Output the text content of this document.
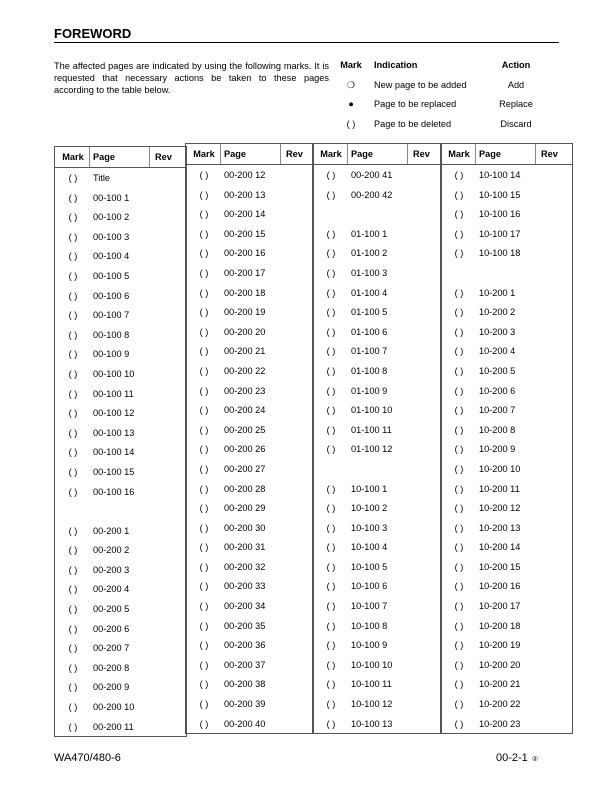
FOREWORD
The affected pages are indicated by using the following marks. It is requested that necessary actions be taken to these pages according to the table below.
Mark	Indication	Action
❍	New page to be added	Add
●	Page to be replaced	Replace
( )	Page to be deleted	Discard
Mark Page	Rev
( )	Title
( )	00-100 1
( )	00-100 2
( )	00-100 3
( )	00-100 4
( )	00-100 5
( )	00-100 6
( )	00-100 7
( )	00-100 8
( )	00-100 9
( )	00-100 10
( )	00-100 11
( )	00-100 12
( )	00-100 13
( )	00-100 14
( )	00-100 15
( )	00-100 16
( )	00-200 1
( )	00-200 2
( )	00-200 3
( )	00-200 4
( )	00-200 5
( )	00-200 6
( )	00-200 7
( )	00-200 8
( )	00-200 9
( )	00-200 10
( )	00-200 11
Mark Page	Rev
( )	00-200 12
( )	00-200 13
( )	00-200 14
( )	00-200 15
( )	00-200 16
( )	00-200 17
( )	00-200 18
( )	00-200 19
( )	00-200 20
( )	00-200 21
( )	00-200 22
( )	00-200 23
( )	00-200 24
( )	00-200 25
( )	00-200 26
( )	00-200 27
( )	00-200 28
( )	00-200 29
( )	00-200 30
( )	00-200 31
( )	00-200 32
( )	00-200 33
( )	00-200 34
( )	00-200 35
( )	00-200 36
( )	00-200 37
( )	00-200 38
( )	00-200 39
( )	00-200 40
Mark Page	Rev
( )	00-200 41
( )	00-200 42
( )	01-100 1
( )	01-100 2
( )	01-100 3
( )	01-100 4
( )	01-100 5
( )	01-100 6
( )	01-100 7
( )	01-100 8
( )	01-100 9
( )	01-100 10
( )	01-100 11
( )	01-100 12
( )	10-100 1
( )	10-100 2
( )	10-100 3
( )	10-100 4
( )	10-100 5
( )	10-100 6
( )	10-100 7
( )	10-100 8
( )	10-100 9
( )	10-100 10
( )	10-100 11
( )	10-100 12
( )	10-100 13
Mark Page	Rev
( )	10-100 14
( )	10-100 15
( )	10-100 16
( )	10-100 17
( )	10-100 18
( )	10-200 1
( )	10-200 2
( )	10-200 3
( )	10-200 4
( )	10-200 5
( )	10-200 6
( )	10-200 7
( )	10-200 8
( )	10-200 9
( )	10-200 10
( )	10-200 11
( )	10-200 12
( )	10-200 13
( )	10-200 14
( )	10-200 15
( )	10-200 16
( )	10-200 17
( )	10-200 18
( )	10-200 19
( )	10-200 20
( )	10-200 21
( )	10-200 22
( )	10-200 23
WA470/480-6	00-2-1 ②
